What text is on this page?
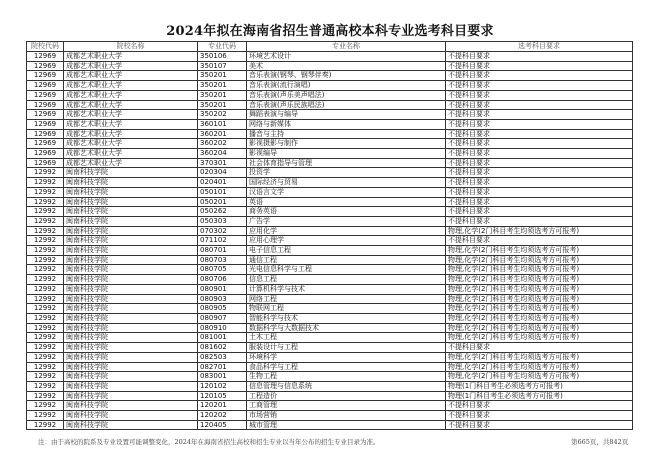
2024年拟在海南省招生普通高校本科专业选考科目要求
院校代码	院校名称	专业代码	专业名称	选考科目要求
12969	成都艺术职业大学	350106	环境艺术设计	不提科目要求
12969	成都艺术职业大学	350107	美术	不提科目要求
12969	成都艺术职业大学	350201	音乐表演(钢琴、钢琴伴奏)	不提科目要求
12969	成都艺术职业大学	350201	音乐表演(流行演唱)	不提科目要求
12969	成都艺术职业大学	350201	音乐表演(声乐美声唱法)	不提科目要求
12969	成都艺术职业大学	350201	音乐表演(声乐民族唱法)	不提科目要求
12969	成都艺术职业大学	350202	舞蹈表演与编导	不提科目要求
12969	成都艺术职业大学	360101	网络与新媒体	不提科目要求
12969	成都艺术职业大学	360201	播音与主持	不提科目要求
12969	成都艺术职业大学	360202	影视摄影与制作	不提科目要求
12969	成都艺术职业大学	360204	影视编导	不提科目要求
12969	成都艺术职业大学	370301	社会体育指导与管理	不提科目要求
12992	闽南科技学院	020304	投资学	不提科目要求
12992	闽南科技学院	020401	国际经济与贸易	不提科目要求
12992	闽南科技学院	050101	汉语言文学	不提科目要求
12992	闽南科技学院	050201	英语	不提科目要求
12992	闽南科技学院	050262	商务英语	不提科目要求
12992	闽南科技学院	050303	广告学	不提科目要求
12992	闽南科技学院	070302	应用化学	物理,化学(2门科目考生均须选考方可报考)
12992	闽南科技学院	071102	应用心理学	不提科目要求
12992	闽南科技学院	080701	电子信息工程	物理,化学(2门科目考生均须选考方可报考)
12992	闽南科技学院	080703	通信工程	物理,化学(2门科目考生均须选考方可报考)
12992	闽南科技学院	080705	光电信息科学与工程	物理,化学(2门科目考生均须选考方可报考)
12992	闽南科技学院	080706	信息工程	物理,化学(2门科目考生均须选考方可报考)
12992	闽南科技学院	080901	计算机科学与技术	物理,化学(2门科目考生均须选考方可报考)
12992	闽南科技学院	080903	网络工程	物理,化学(2门科目考生均须选考方可报考)
12992	闽南科技学院	080905	物联网工程	物理,化学(2门科目考生均须选考方可报考)
12992	闽南科技学院	080907	智能科学与技术	物理,化学(2门科目考生均须选考方可报考)
12992	闽南科技学院	080910	数据科学与大数据技术	物理,化学(2门科目考生均须选考方可报考)
12992	闽南科技学院	081001	土木工程	物理,化学(2门科目考生均须选考方可报考)
12992	闽南科技学院	081602	服装设计与工程	不提科目要求
12992	闽南科技学院	082503	环境科学	物理,化学(2门科目考生均须选考方可报考)
12992	闽南科技学院	082701	食品科学与工程	物理,化学(2门科目考生均须选考方可报考)
12992	闽南科技学院	083001	生物工程	物理,化学(2门科目考生均须选考方可报考)
12992	闽南科技学院	120102	信息管理与信息系统	物理(1门科目考生必须选考方可报考)
12992	闽南科技学院	120105	工程造价	物理(1门科目考生必须选考方可报考)
12992	闽南科技学院	120201	工商管理	不提科目要求
12992	闽南科技学院	120202	市场营销	不提科目要求
12992	闽南科技学院	120405	城市管理	不提科目要求
注：由于高校的院系及专业设置可能调整变化，2024年在海南省招生高校和招生专业以当年公布的招生专业目录为准。	第665页，共842页
